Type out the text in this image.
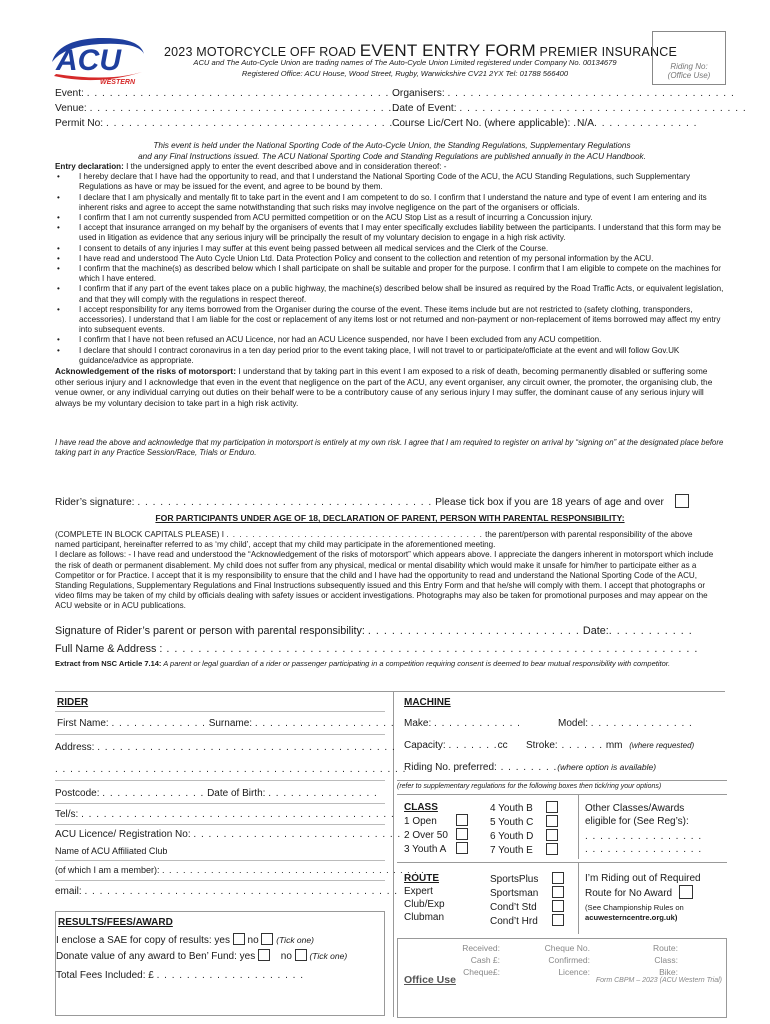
ACU
WESTERN
2023 MOTORCYCLE OFF ROAD EVENT ENTRY FORM PREMIER INSURANCE
ACU and The Auto-Cycle Union are trading names of The Auto-Cycle Union Limited registered under Company No. 00134679
Registered Office: ACU House, Wood Street, Rugby, Warwickshire CV21 2YX Tel: 01788 566400
Riding No:
(Office Use)
Event: . . . . . . . . . . . . . . . . . . . . . . . . . . . . . . . . . . . . . . . . .
Organisers: . . . . . . . . . . . . . . . . . . . . . . . . . . . . . . . . . . . . . .
Venue: . . . . . . . . . . . . . . . . . . . . . . . . . . . . . . . . . . . . . . . . .
Date of Event: . . . . . . . . . . . . . . . . . . . . . . . . . . . . . . . . . . . . . .
Permit No: . . . . . . . . . . . . . . . . . . . . . . . . . . . . . . . . . . . . . . . .
Course Lic/Cert No. (where applicable): .N/A. . . . . . . . . . . . . .
This event is held under the National Sporting Code of the Auto-Cycle Union, the Standing Regulations, Supplementary Regulations
and any Final Instructions issued. The ACU National Sporting Code and Standing Regulations are published annually in the ACU Handbook.
Entry declaration: I the undersigned apply to enter the event described above and in consideration thereof: -
• I hereby declare that I have had the opportunity to read, and that I understand the National Sporting Code of the ACU, the ACU Standing Regulations, such Supplementary Regulations as have or may be issued for the event, and agree to be bound by them.
• I declare that I am physically and mentally fit to take part in the event and I am competent to do so. I confirm that I understand the nature and type of event I am entering and its inherent risks and agree to accept the same notwithstanding that such risks may involve negligence on the part of the organisers or officials.
• I confirm that I am not currently suspended from ACU permitted competition or on the ACU Stop List as a result of incurring a Concussion injury.
• I accept that insurance arranged on my behalf by the organisers of events that I may enter specifically excludes liability between the participants. I understand that this form may be used in litigation as evidence that any serious injury will be principally the result of my voluntary decision to engage in a high risk activity.
• I consent to details of any injuries I may suffer at this event being passed between all medical services and the Clerk of the Course.
• I have read and understood The Auto Cycle Union Ltd. Data Protection Policy and consent to the collection and retention of my personal information by the ACU.
• I confirm that the machine(s) as described below which I shall participate on shall be suitable and proper for the purpose. I confirm that I am eligible to compete on the machines for which I have entered.
• I confirm that if any part of the event takes place on a public highway, the machine(s) described below shall be insured as required by the Road Traffic Acts, or equivalent legislation, and that they will comply with the regulations in respect thereof.
• I accept responsibility for any items borrowed from the Organiser during the course of the event. These items include but are not restricted to (safety clothing, transponders, accessories). I understand that I am liable for the cost or replacement of any items lost or not returned and non-payment or non-replacement of items borrowed may affect my entry into subsequent events.
• I confirm that I have not been refused an ACU Licence, nor had an ACU Licence suspended, nor have I been excluded from any ACU competition.
• I declare that should I contract coronavirus in a ten day period prior to the event taking place, I will not travel to or participate/officiate at the event and will follow Gov.UK guidance/advice as appropriate.
Acknowledgement of the risks of motorsport: I understand that by taking part in this event I am exposed to a risk of death, becoming permanently disabled or suffering some other serious injury and I acknowledge that even in the event that negligence on the part of the ACU, any event organiser, any circuit owner, the promoter, the organising club, the venue owner, or any individual carrying out duties on their behalf were to be a contributory cause of any serious injury I may suffer, the dominant cause of any serious injury will always be my voluntary decision to take part in a high risk activity.
I have read the above and acknowledge that my participation in motorsport is entirely at my own risk. I agree that I am required to register on arrival by “signing on” at the designated place before taking part in any Practice Session/Race, Trials or Enduro.
Rider’s signature: . . . . . . . . . . . . . . . . . . . . . . . . . . . . . . . . . . . . . . . Please tick box if you are 18 years of age and over
FOR PARTICIPANTS UNDER AGE OF 18, DECLARATION OF PARENT, PERSON WITH PARENTAL RESPONSIBILITY:
(COMPLETE IN BLOCK CAPITALS PLEASE) I . . . . . . . . . . . . . . . . . . . . . . . . . . . . . . . . . . . . . . . . the parent/person with parental responsibility of the above
named participant, hereinafter referred to as ‘my child’, accept that my child may participate in the aforementioned meeting.
I declare as follows: - I have read and understood the “Acknowledgement of the risks of motorsport” which appears above. I appreciate the dangers inherent in motorsport which include the risk of death or permanent disablement. My child does not suffer from any physical, medical or mental disability which would make it unsafe for him/her to participate either as a Competitor or for Practice. I accept that it is my responsibility to ensure that the child and I have had the opportunity to read and understand the National Sporting Code of the ACU, Standing Regulations, Supplementary Regulations and Final Instructions subsequently issued and this Entry Form and that he/she will comply with them. I accept that photographs or video films may be taken of my child by officials dealing with safety issues or accident investigations. Photographs may also be taken for promotional purposes and may appear on the ACU website or in ACU publications.
Signature of Rider’s parent or person with parental responsibility: . . . . . . . . . . . . . . . . . . . . . . . . . . . Date:. . . . . . . . . . .
Full Name & Address : . . . . . . . . . . . . . . . . . . . . . . . . . . . . . . . . . . . . . . . . . . . . . . . . . . . . . . . . . . . . . . . . . . .
Extract from NSC Article 7.14: A parent or legal guardian of a rider or passenger participating in a competition requiring consent is deemed to bear mutual responsibility with competitor.
RIDER
First Name: . . . . . . . . . . . . . Surname: . . . . . . . . . . . . . . . . . . .
Address: . . . . . . . . . . . . . . . . . . . . . . . . . . . . . . . . . . . . . . . .
. . . . . . . . . . . . . . . . . . . . . . . . . . . . . . . . . . . . . . . . . . . . . . .
Postcode: . . . . . . . . . . . . . . Date of Birth: . . . . . . . . . . . . . . .
Tel/s: . . . . . . . . . . . . . . . . . . . . . . . . . . . . . . . . . . . . . . . . . .
ACU Licence/ Registration No: . . . . . . . . . . . . . . . . . . . . . . . . . . . .
Name of ACU Affiliated Club
(of which I am a member): . . . . . . . . . . . . . . . . . . . . . . . . . . . . . . . . . . . . . .
email: . . . . . . . . . . . . . . . . . . . . . . . . . . . . . . . . . . . . . . . . . .
RESULTS/FEES/AWARD
I enclose a SAE for copy of results: yes no (Tick one)
Donate value of any award to Ben’ Fund: yes	no (Tick one)
Total Fees Included: £ . . . . . . . . . . . . . . . . . . . .
MACHINE
Make: . . . . . . . . . . . .	Model: . . . . . . . . . . . . . .
Capacity: . . . . . . .cc Stroke: . . . . . . mm (where requested)
Riding No. preferred: . . . . . . . .(where option is available)
(refer to supplementary regulations for the following boxes then tick/ring your options)
CLASS
1 Open
2 Over 50
3 Youth A
4 Youth B
5 Youth C
6 Youth D
7 Youth E
Other Classes/Awards
eligible for (See Reg’s):
. . . . . . . . . . . . . . . .
. . . . . . . . . . . . . . . .
ROUTE
Expert
Club/Exp
Clubman
SportsPlus
Sportsman
Cond’t Std
Cond’t Hrd
I’m Riding out of Required
Route for No Award
(See Championship Rules on
acuwesterncentre.org.uk)
Received:
Cash £:
Cheque£:
Cheque No.
Confirmed:
Licence:
Route:
Class:
Bike:
Office Use	Form CBPM – 2023 (ACU Western Trial)
